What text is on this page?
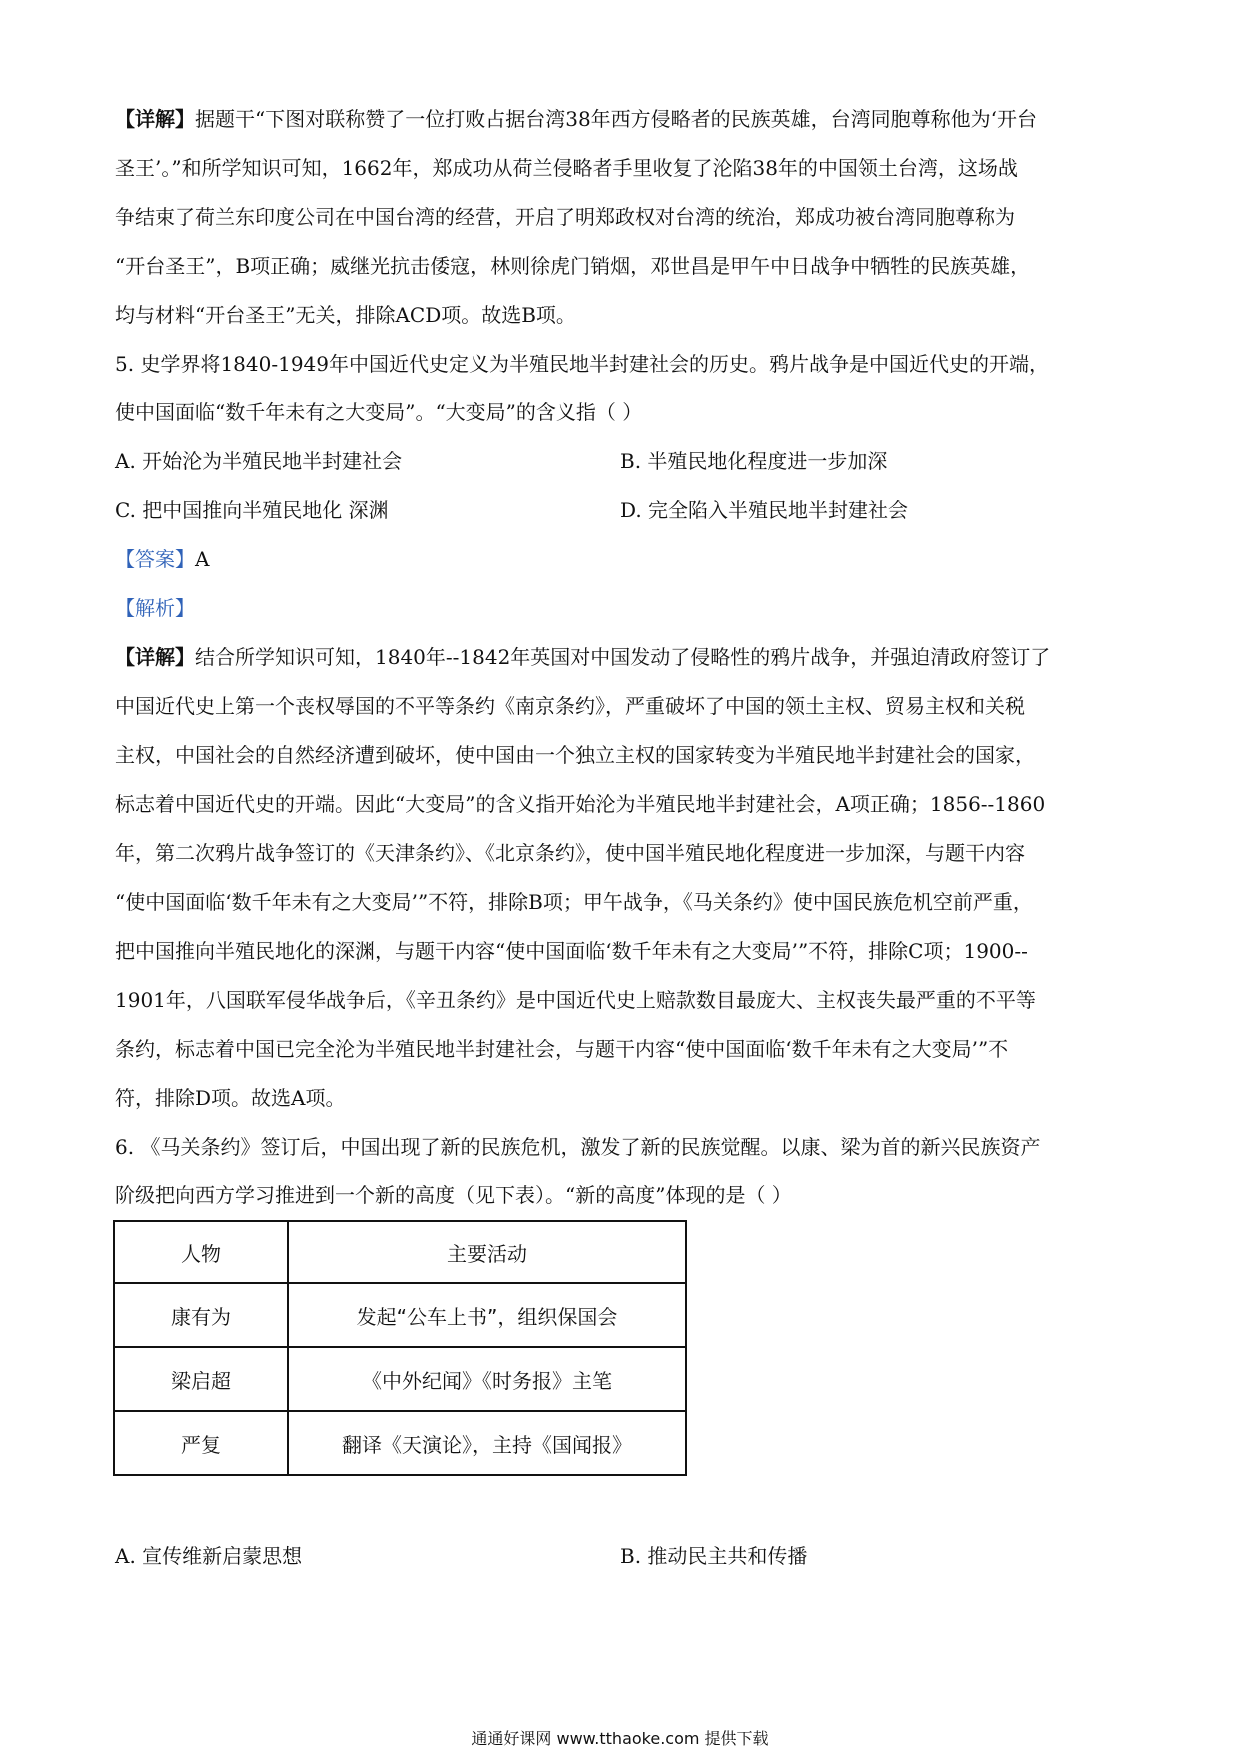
【详解】据题干“下图对联称赞了一位打败占据台湾38年西方侵略者的民族英雄，台湾同胞尊称他为‘开台
圣王’。”和所学知识可知，1662年，郑成功从荷兰侵略者手里收复了沦陷38年的中国领土台湾，这场战
争结束了荷兰东印度公司在中国台湾的经营，开启了明郑政权对台湾的统治，郑成功被台湾同胞尊称为
“开台圣王”，B项正确；威继光抗击倭寇，林则徐虎门销烟，邓世昌是甲午中日战争中牺牲的民族英雄，
均与材料“开台圣王”无关，排除ACD项。故选B项。
5. 史学界将1840-1949年中国近代史定义为半殖民地半封建社会的历史。鸦片战争是中国近代史的开端，
使中国面临“数千年未有之大变局”。“大变局”的含义指（ ）
A. 开始沦为半殖民地半封建社会	B. 半殖民地化程度进一步加深
C. 把中国推向半殖民地化 深渊	D. 完全陷入半殖民地半封建社会
【答案】A
【解析】
【详解】结合所学知识可知，1840年--1842年英国对中国发动了侵略性的鸦片战争，并强迫清政府签订了
中国近代史上第一个丧权辱国的不平等条约《南京条约》，严重破坏了中国的领土主权、贸易主权和关税
主权，中国社会的自然经济遭到破坏，使中国由一个独立主权的国家转变为半殖民地半封建社会的国家，
标志着中国近代史的开端。因此“大变局”的含义指开始沦为半殖民地半封建社会，A项正确；1856--1860
年，第二次鸦片战争签订的《天津条约》、《北京条约》，使中国半殖民地化程度进一步加深，与题干内容
“使中国面临‘数千年未有之大变局’”不符，排除B项；甲午战争，《马关条约》使中国民族危机空前严重，
把中国推向半殖民地化的深渊，与题干内容“使中国面临‘数千年未有之大变局’”不符，排除C项；1900--
1901年，八国联军侵华战争后，《辛丑条约》是中国近代史上赔款数目最庞大、主权丧失最严重的不平等
条约，标志着中国已完全沦为半殖民地半封建社会，与题干内容“使中国面临‘数千年未有之大变局’”不
符，排除D项。故选A项。
6. 《马关条约》签订后，中国出现了新的民族危机，激发了新的民族觉醒。以康、梁为首的新兴民族资产
阶级把向西方学习推进到一个新的高度（见下表）。“新的高度”体现的是（ ）
人物	主要活动
康有为	发起“公车上书”，组织保国会
梁启超	《中外纪闻》《时务报》主笔
严复	翻译《天演论》，主持《国闻报》
A. 宣传维新启蒙思想	B. 推动民主共和传播
通通好课网 www.tthaoke.com 提供下载
